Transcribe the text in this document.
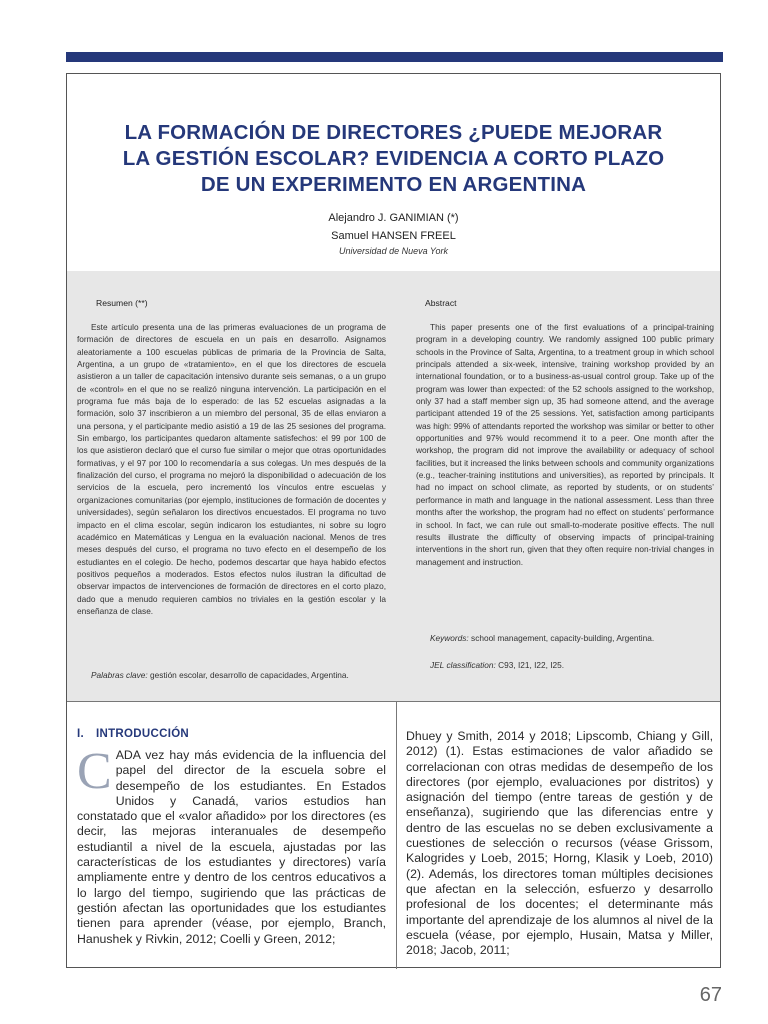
LA FORMACIÓN DE DIRECTORES ¿PUEDE MEJORAR
LA GESTIÓN ESCOLAR? EVIDENCIA A CORTO PLAZO
DE UN EXPERIMENTO EN ARGENTINA
Alejandro J. GANIMIAN (*)
Samuel HANSEN FREEL
Universidad de Nueva York
Resumen (**)

Este artículo presenta una de las primeras evaluaciones de un programa de formación de directores de escuela en un país en desarrollo. Asignamos aleatoriamente a 100 escuelas públicas de primaria de la Provincia de Salta, Argentina, a un grupo de «tratamiento», en el que los directores de escuela asistieron a un taller de capacitación intensivo durante seis semanas, o a un grupo de «control» en el que no se realizó ninguna intervención. La participación en el programa fue más baja de lo esperado: de las 52 escuelas asignadas a la formación, solo 37 inscribieron a un miembro del personal, 35 de ellas enviaron a una persona, y el participante medio asistió a 19 de las 25 sesiones del programa. Sin embargo, los participantes quedaron altamente satisfechos: el 99 por 100 de los que asistieron declaró que el curso fue similar o mejor que otras oportunidades formativas, y el 97 por 100 lo recomendaría a sus colegas. Un mes después de la finalización del curso, el programa no mejoró la disponibilidad o adecuación de los servicios de la escuela, pero incrementó los vínculos entre escuelas y organizaciones comunitarias (por ejemplo, instituciones de formación de docentes y universidades), según señalaron los directivos encuestados. El programa no tuvo impacto en el clima escolar, según indicaron los estudiantes, ni sobre su logro académico en Matemáticas y Lengua en la evaluación nacional. Menos de tres meses después del curso, el programa no tuvo efecto en el desempeño de los estudiantes en el colegio. De hecho, podemos descartar que haya habido efectos positivos pequeños a moderados. Estos efectos nulos ilustran la dificultad de observar impactos de intervenciones de formación de directores en el corto plazo, dado que a menudo requieren cambios no triviales en la gestión escolar y la enseñanza de clase.

Palabras clave: gestión escolar, desarrollo de capacidades, Argentina.
Abstract

This paper presents one of the first evaluations of a principal-training program in a developing country. We randomly assigned 100 public primary schools in the Province of Salta, Argentina, to a treatment group in which school principals attended a six-week, intensive, training workshop provided by an international foundation, or to a business-as-usual control group. Take up of the program was lower than expected: of the 52 schools assigned to the workshop, only 37 had a staff member sign up, 35 had someone attend, and the average participant attended 19 of the 25 sessions. Yet, satisfaction among participants was high: 99% of attendants reported the workshop was similar or better to other opportunities and 97% would recommend it to a peer. One month after the workshop, the program did not improve the availability or adequacy of school facilities, but it increased the links between schools and community organizations (e.g., teacher-training institutions and universities), as reported by principals. It had no impact on school climate, as reported by students, or on students’ performance in math and language in the national assessment. Less than three months after the workshop, the program had no effect on students’ performance in school. In fact, we can rule out small-to-moderate positive effects. The null results illustrate the difficulty of observing impacts of principal-training interventions in the short run, given that they often require non-trivial changes in management and instruction.

Keywords: school management, capacity-building, Argentina.
JEL classification: C93, I21, I22, I25.
I. INTRODUCCIÓN
CADA vez hay más evidencia de la influencia del papel del director de la escuela sobre el desempeño de los estudiantes. En Estados Unidos y Canadá, varios estudios han constatado que el «valor añadido» por los directores (es decir, las mejoras interanuales de desempeño estudiantil a nivel de la escuela, ajustadas por las características de los estudiantes y directores) varía ampliamente entre y dentro de los centros educativos a lo largo del tiempo, sugiriendo que las prácticas de gestión afectan las oportunidades que los estudiantes tienen para aprender (véase, por ejemplo, Branch, Hanushek y Rivkin, 2012; Coelli y Green, 2012;
Dhuey y Smith, 2014 y 2018; Lipscomb, Chiang y Gill, 2012) (1). Estas estimaciones de valor añadido se correlacionan con otras medidas de desempeño de los directores (por ejemplo, evaluaciones por distritos) y asignación del tiempo (entre tareas de gestión y de enseñanza), sugiriendo que las diferencias entre y dentro de las escuelas no se deben exclusivamente a cuestiones de selección o recursos (véase Grissom, Kalogrides y Loeb, 2015; Horng, Klasik y Loeb, 2010) (2). Además, los directores toman múltiples decisiones que afectan en la selección, esfuerzo y desarrollo profesional de los docentes; el determinante más importante del aprendizaje de los alumnos al nivel de la escuela (véase, por ejemplo, Husain, Matsa y Miller, 2018; Jacob, 2011;
67
